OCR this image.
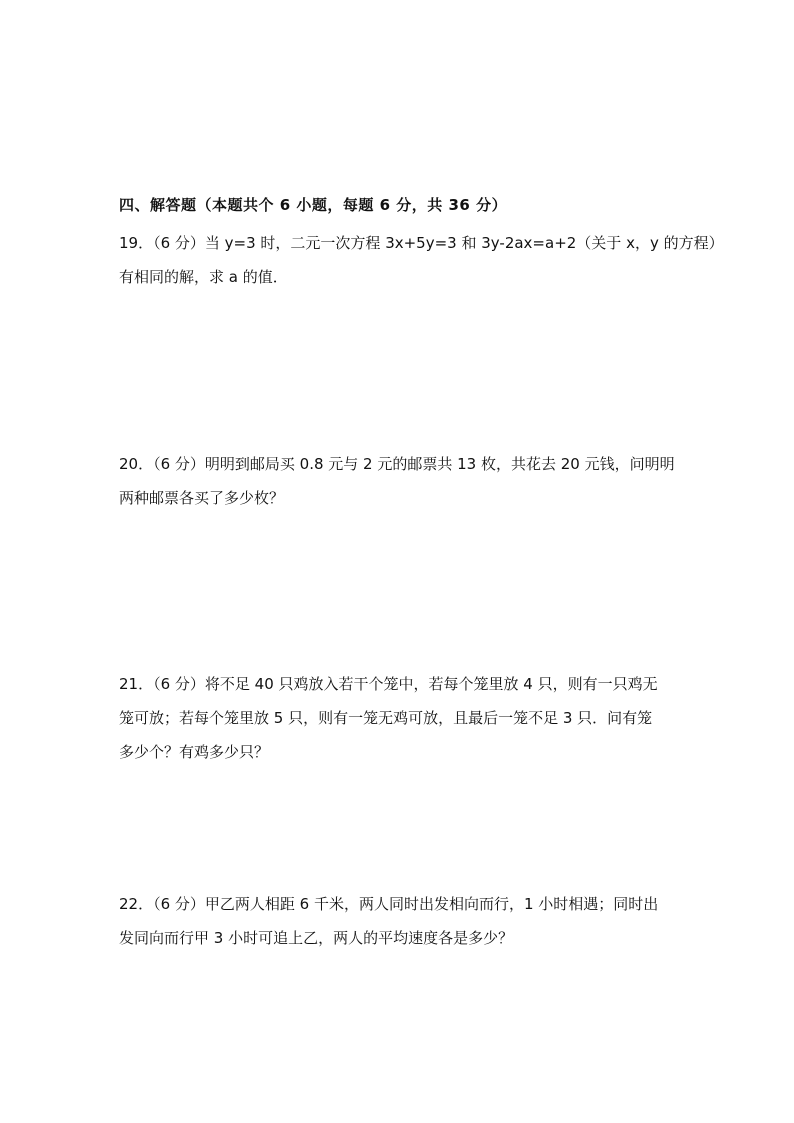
四、解答题（本题共个 6 小题，每题 6 分，共 36 分）
19．（6 分）当 y=3 时，二元一次方程 3x+5y=3 和 3y-2ax=a+2（关于 x，y 的方程）
有相同的解，求 a 的值．
20．（6 分）明明到邮局买 0.8 元与 2 元的邮票共 13 枚，共花去 20 元钱，问明明
两种邮票各买了多少枚？
21．（6 分）将不足 40 只鸡放入若干个笼中，若每个笼里放 4 只，则有一只鸡无
笼可放；若每个笼里放 5 只，则有一笼无鸡可放，且最后一笼不足 3 只．问有笼
多少个？有鸡多少只？
22．（6 分）甲乙两人相距 6 千米，两人同时出发相向而行，1 小时相遇；同时出
发同向而行甲 3 小时可追上乙，两人的平均速度各是多少？
